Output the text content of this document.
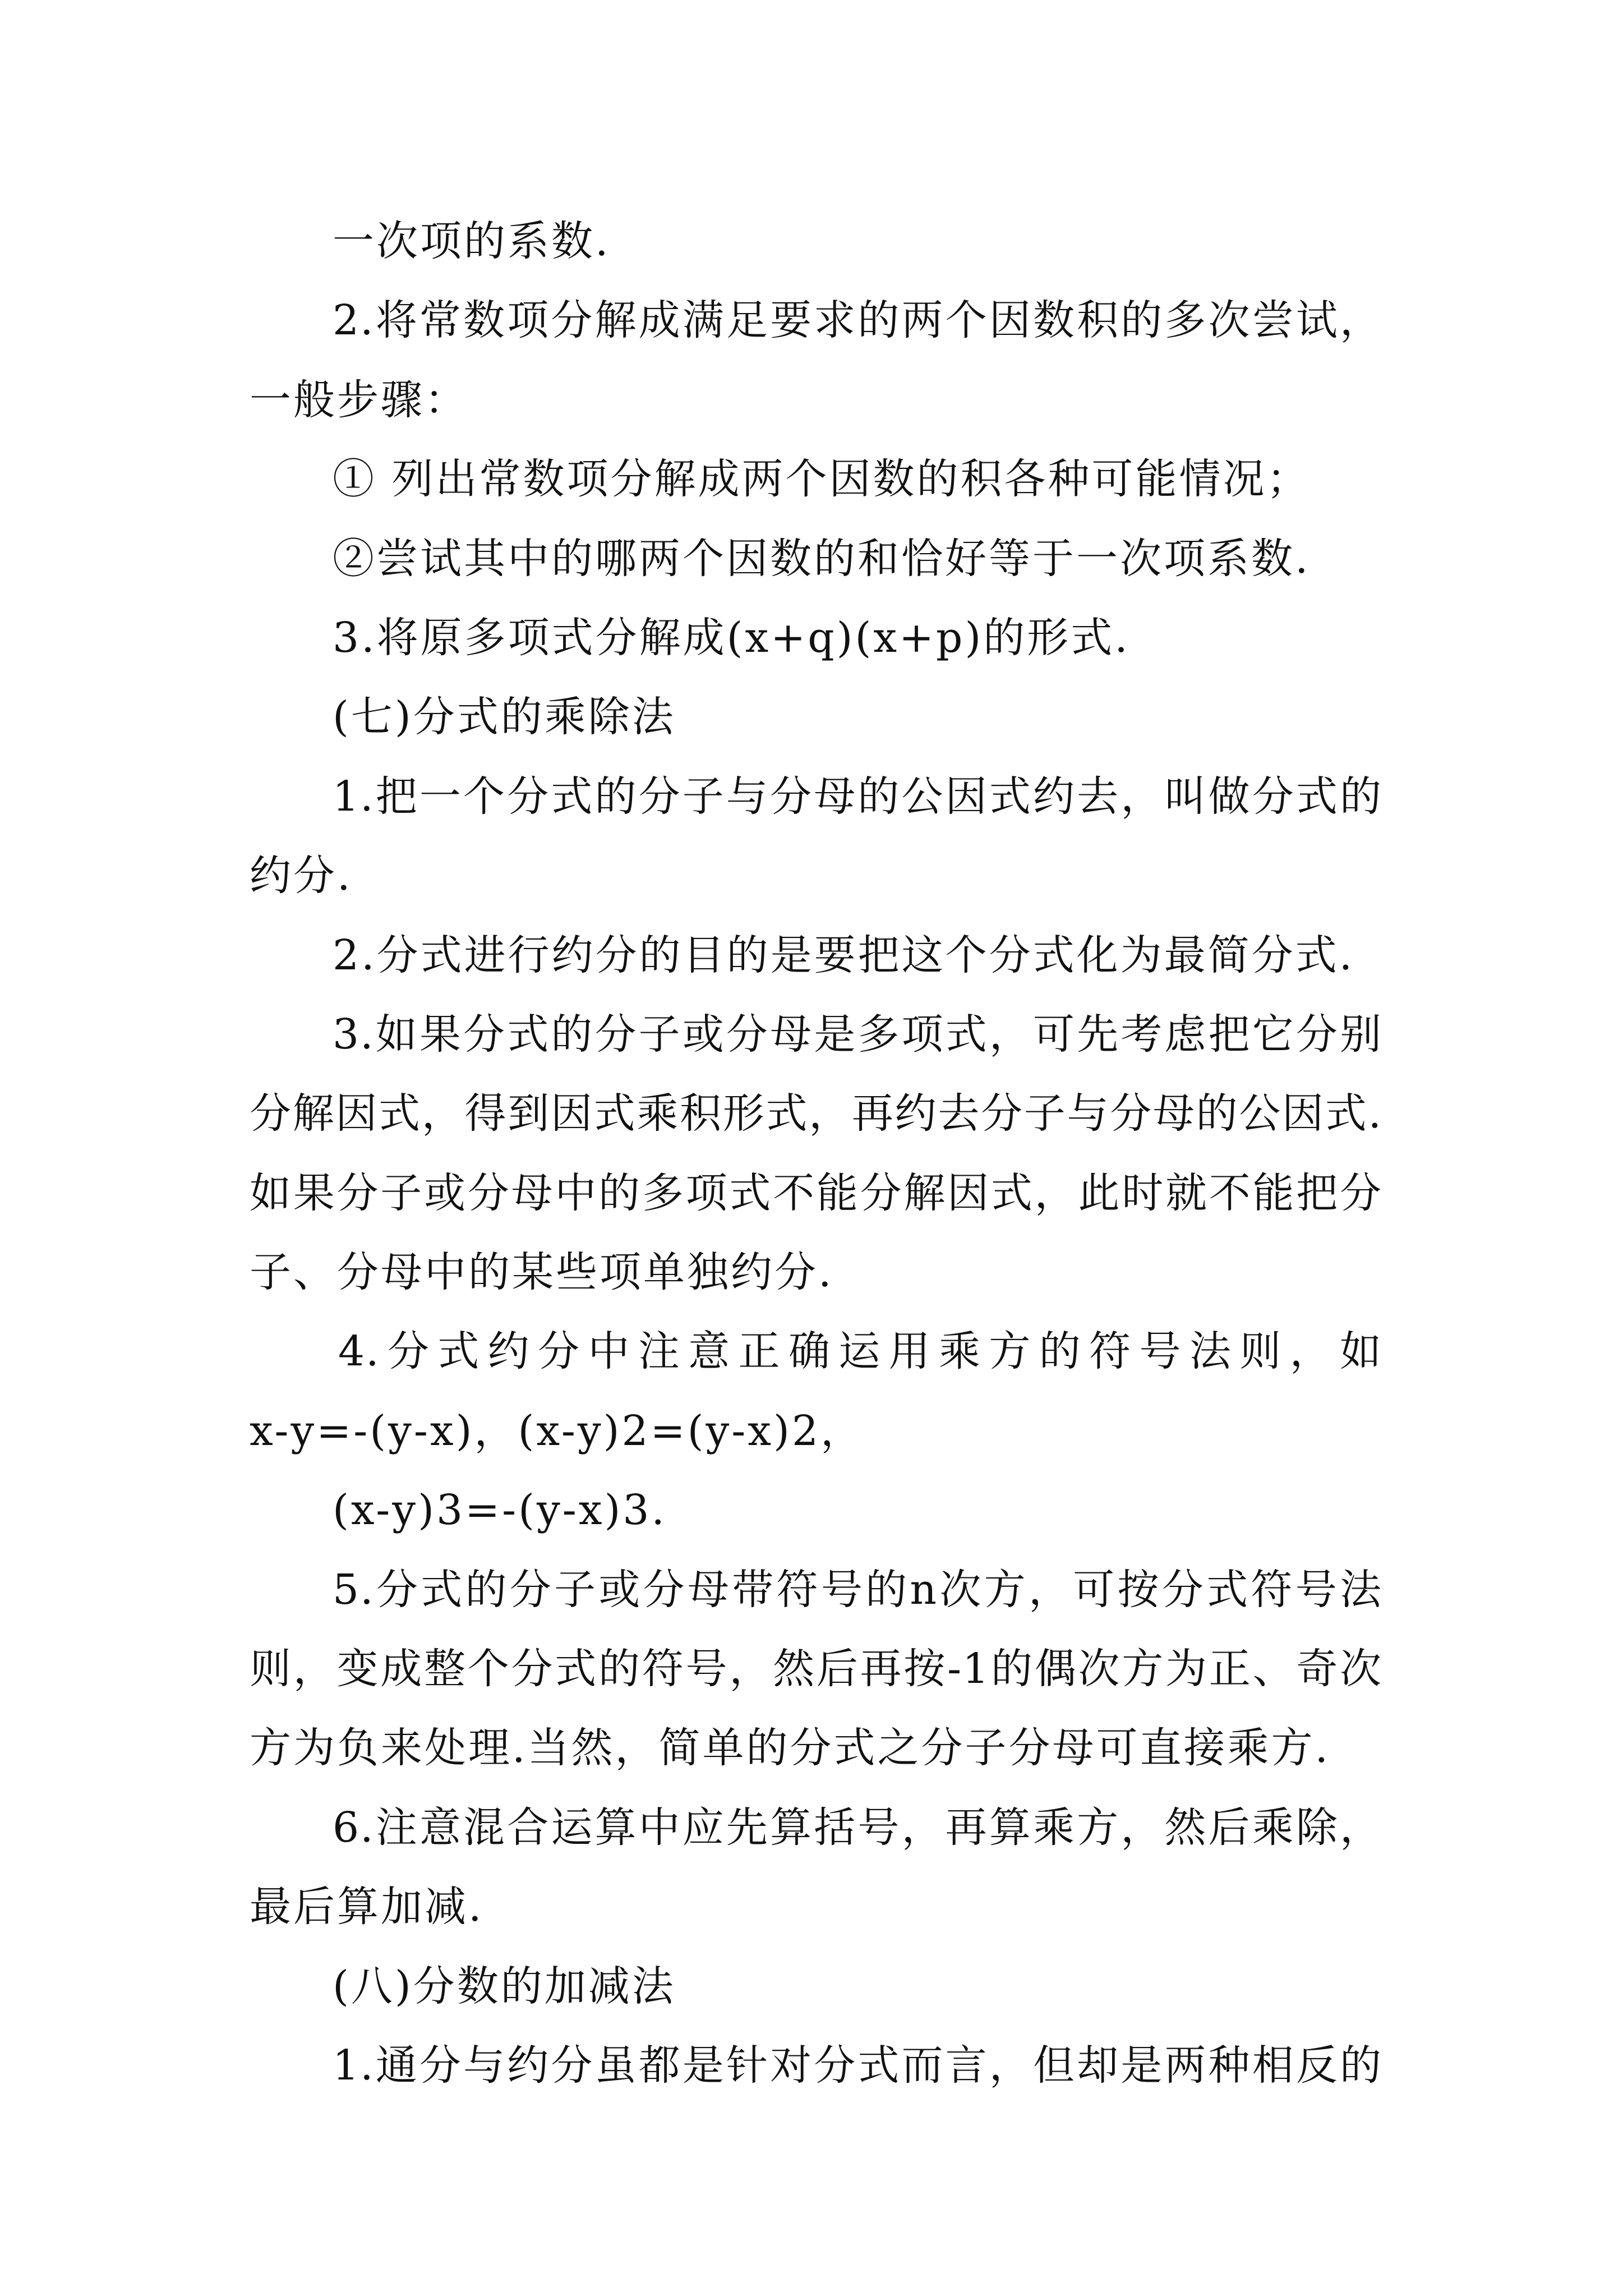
一次项的系数.
2.将常数项分解成满足要求的两个因数积的多次尝试，
一般步骤：
① 列出常数项分解成两个因数的积各种可能情况；
②尝试其中的哪两个因数的和恰好等于一次项系数.
3.将原多项式分解成(x+q)(x+p)的形式.
(七)分式的乘除法
1.把一个分式的分子与分母的公因式约去，叫做分式的
约分.
2.分式进行约分的目的是要把这个分式化为最简分式.
3.如果分式的分子或分母是多项式，可先考虑把它分别
分解因式，得到因式乘积形式，再约去分子与分母的公因式.
如果分子或分母中的多项式不能分解因式，此时就不能把分
子、分母中的某些项单独约分.
4.分式约分中注意正确运用乘方的符号法则，如
x-y=-(y-x)，(x-y)2=(y-x)2，
(x-y)3=-(y-x)3.
5.分式的分子或分母带符号的n次方，可按分式符号法
则，变成整个分式的符号，然后再按-1的偶次方为正、奇次
方为负来处理.当然，简单的分式之分子分母可直接乘方.
6.注意混合运算中应先算括号，再算乘方，然后乘除，
最后算加减.
(八)分数的加减法
1.通分与约分虽都是针对分式而言，但却是两种相反的
